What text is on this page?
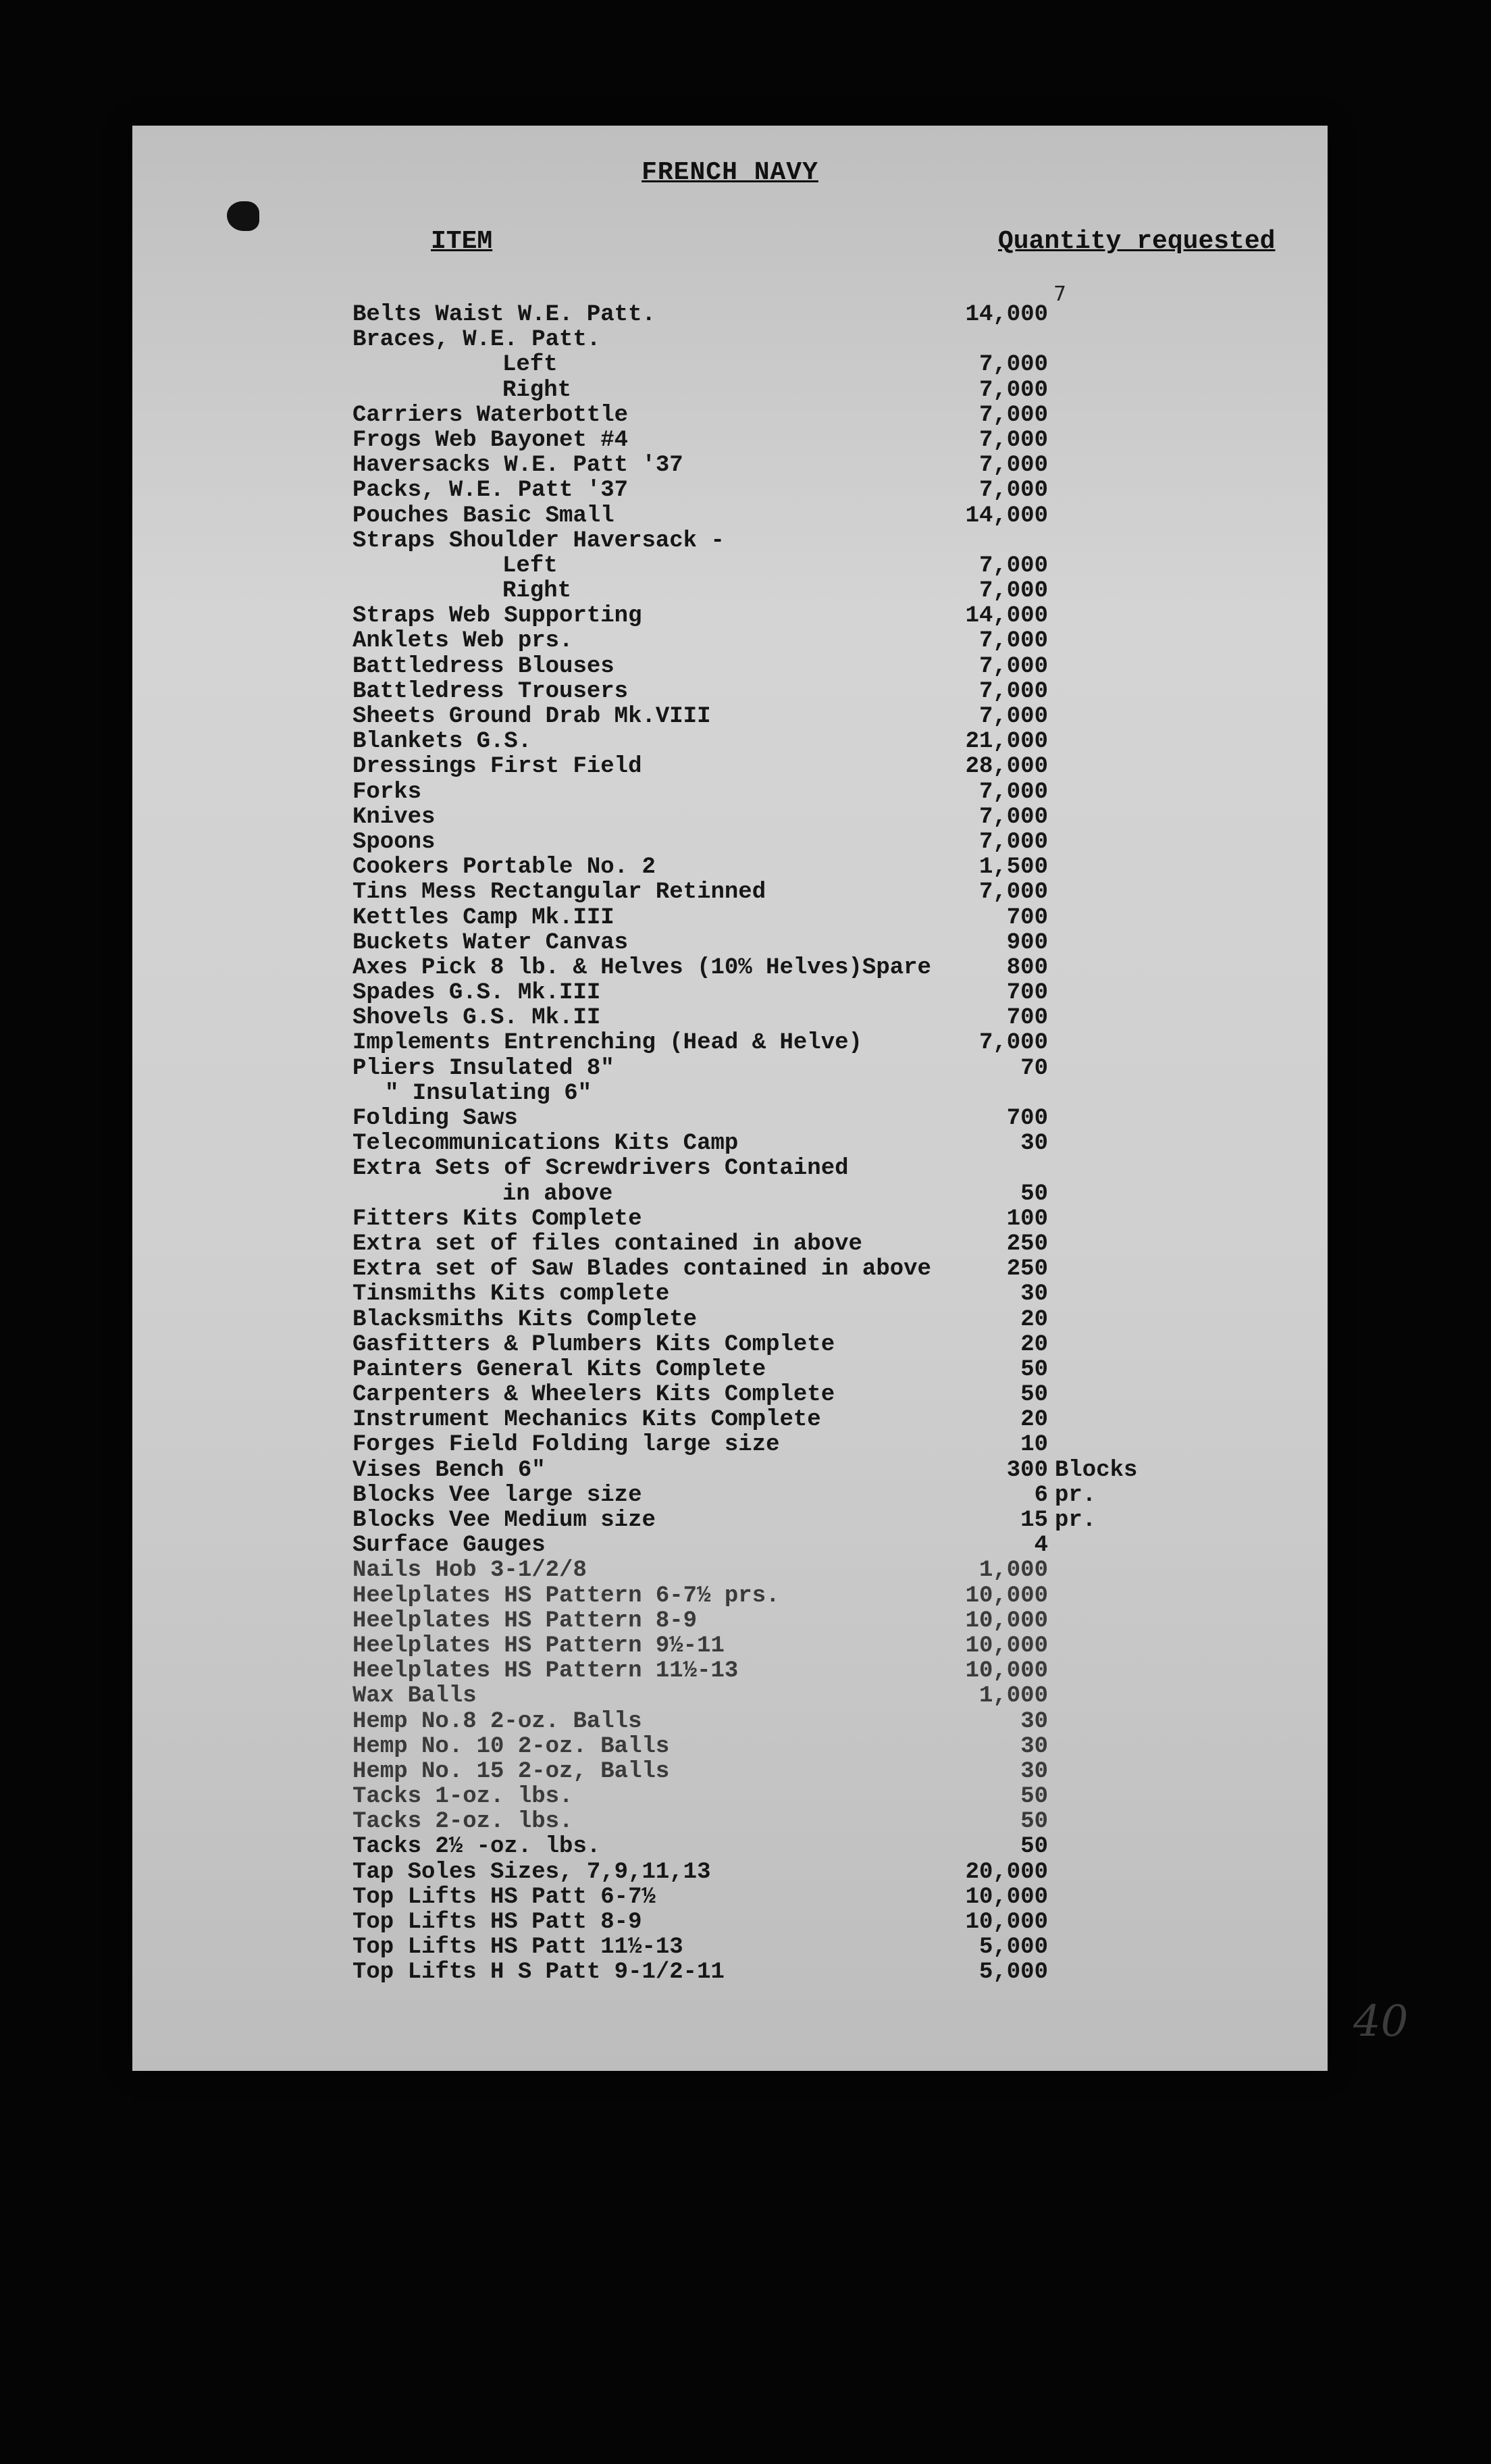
FRENCH NAVY
ITEM	Quantity requested
7
Belts Waist W.E. Patt.	14,000
Braces, W.E. Patt.
Left	7,000
Right	7,000
Carriers Waterbottle	7,000
Frogs Web Bayonet #4	7,000
Haversacks W.E. Patt '37	7,000
Packs, W.E. Patt '37	7,000
Pouches Basic Small	14,000
Straps Shoulder Haversack -
Left	7,000
Right	7,000
Straps Web Supporting	14,000
Anklets Web prs.	7,000
Battledress Blouses	7,000
Battledress Trousers	7,000
Sheets Ground Drab Mk.VIII	7,000
Blankets G.S.	21,000
Dressings First Field	28,000
Forks	7,000
Knives	7,000
Spoons	7,000
Cookers Portable No. 2	1,500
Tins Mess Rectangular Retinned	7,000
Kettles Camp Mk.III	700
Buckets Water Canvas	900
Axes Pick 8 lb. & Helves (10% Helves)Spare	800
Spades G.S. Mk.III	700
Shovels G.S. Mk.II	700
Implements Entrenching (Head & Helve)	7,000
Pliers Insulated 8"	70
" Insulating 6"
Folding Saws	700
Telecommunications Kits Camp	30
Extra Sets of Screwdrivers Contained
in above	50
Fitters Kits Complete	100
Extra set of files contained in above	250
Extra set of Saw Blades contained in above	250
Tinsmiths Kits complete	30
Blacksmiths Kits Complete	20
Gasfitters & Plumbers Kits Complete	20
Painters General Kits Complete	50
Carpenters & Wheelers Kits Complete	50
Instrument Mechanics Kits Complete	20
Forges Field Folding large size	10
Vises Bench 6"	300 Blocks
Blocks Vee large size	6 pr.
Blocks Vee Medium size	15 pr.
Surface Gauges	4
Nails Hob 3-1/2/8	1,000
Heelplates HS Pattern 6-7½ prs.	10,000
Heelplates HS Pattern 8-9	10,000
Heelplates HS Pattern 9½-11	10,000
Heelplates HS Pattern 11½-13	10,000
Wax Balls	1,000
Hemp No.8 2-oz. Balls	30
Hemp No. 10 2-oz. Balls	30
Hemp No. 15 2-oz, Balls	30
Tacks 1-oz. lbs.	50
Tacks 2-oz. lbs.	50
Tacks 2½ -oz. lbs.	50
Tap Soles Sizes, 7,9,11,13	20,000
Top Lifts HS Patt 6-7½	10,000
Top Lifts HS Patt 8-9	10,000
Top Lifts HS Patt 11½-13	5,000
Top Lifts H S Patt 9-1/2-11	5,000
40
